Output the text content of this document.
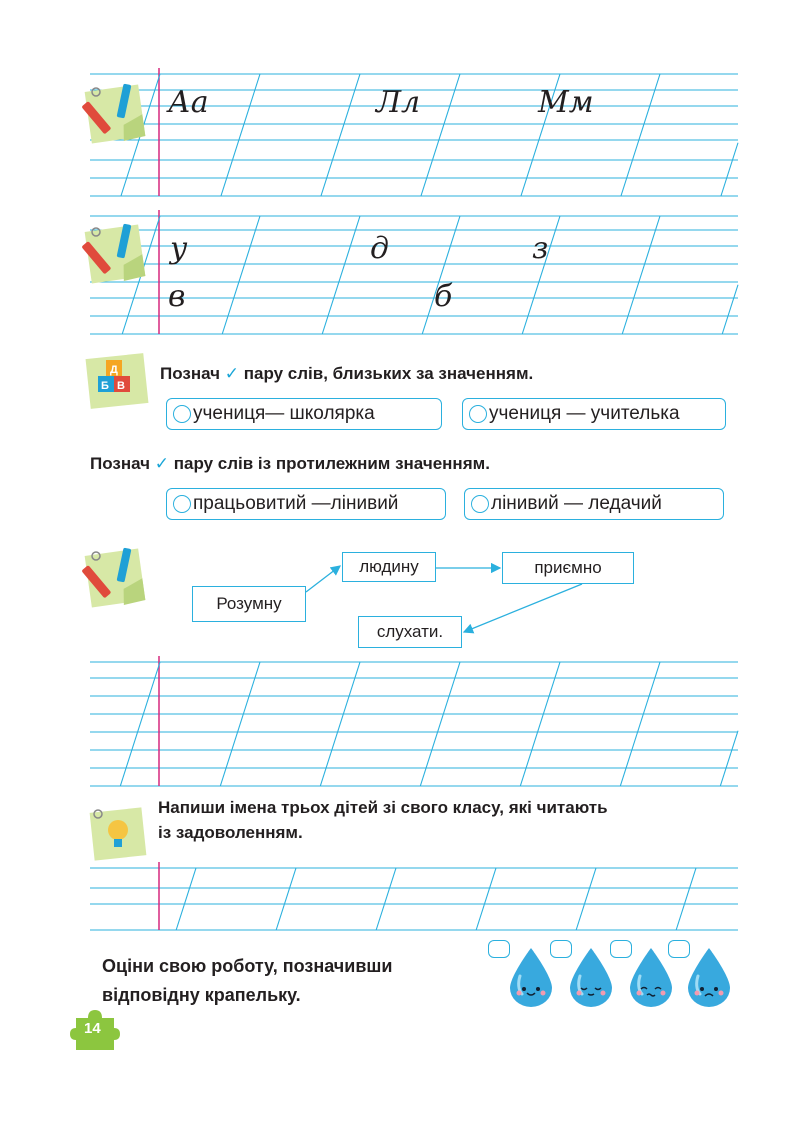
Д
Б В
Аа	Лл	Мм
у	д	з
в	б
Познач ✓ пару слів, близьких за значенням.
учениця— школярка	учениця — учителька
Познач ✓ пару слів із протилежним значенням.
працьовитий —лінивий	лінивий — ледачий
Розумну
людину	приємно
слухати.
Напиши імена трьох дітей зі свого класу, які читають
із задоволенням.
Оціни свою роботу, позначивши
відповідну крапельку.
14
